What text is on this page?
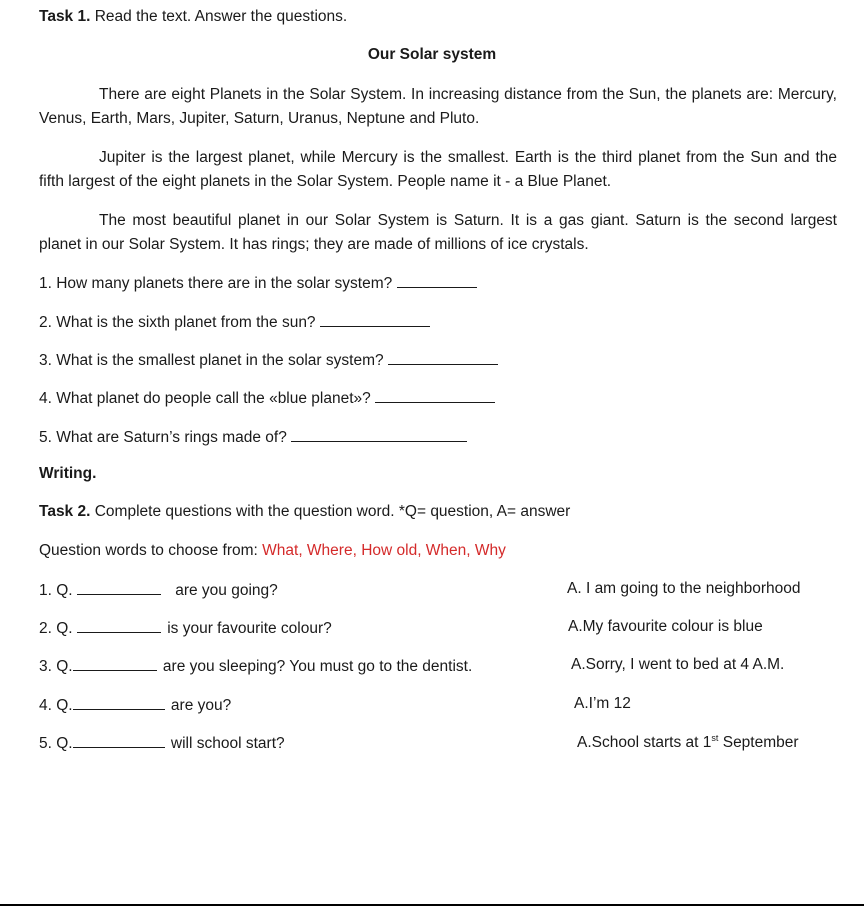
Task 1. Read the text. Answer the questions.
Our Solar system
There are eight Planets in the Solar System. In increasing distance from the Sun, the planets are: Mercury, Venus, Earth, Mars, Jupiter, Saturn, Uranus, Neptune and Pluto.
Jupiter is the largest planet, while Mercury is the smallest. Earth is the third planet from the Sun and the fifth largest of the eight planets in the Solar System. People name it - a Blue Planet.
The most beautiful planet in our Solar System is Saturn. It is a gas giant. Saturn is the second largest planet in our Solar System. It has rings; they are made of millions of ice crystals.
1. How many planets there are in the solar system?
2. What is the sixth planet from the sun?
3. What is the smallest planet in the solar system?
4. What planet do people call the «blue planet»?
5. What are Saturn’s rings made of?
Writing.
Task 2. Complete questions with the question word. *Q= question, A= answer
Question words to choose from: What, Where, How old, When, Why
1. Q.	are you going?	A. I am going to the neighborhood
2. Q.	is your favourite colour?	A.My favourite colour is blue
3. Q.	are you sleeping? You must go to the dentist.	A.Sorry, I went to bed at 4 A.M.
4. Q.	are you?	A.I’m 12
5. Q.	will school start?	A.School starts at 1st September
